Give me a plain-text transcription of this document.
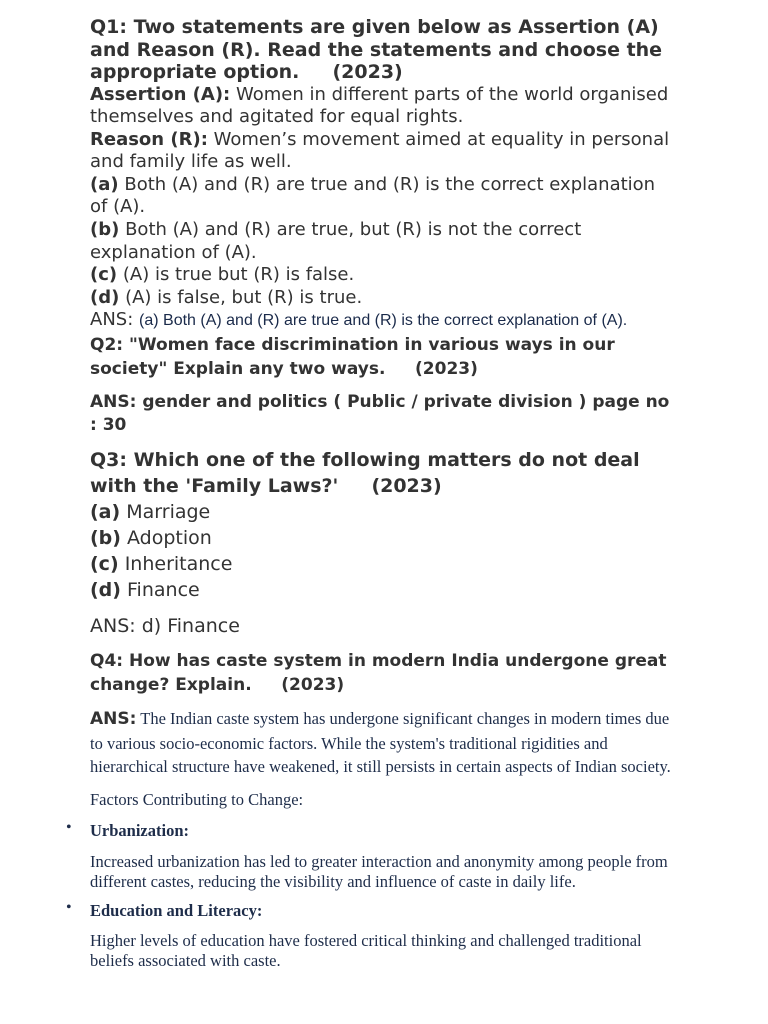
Q1: Two statements are given below as Assertion (A) and Reason (R). Read the statements and choose the appropriate option. (2023)
Assertion (A): Women in different parts of the world organised themselves and agitated for equal rights.
Reason (R): Women’s movement aimed at equality in personal and family life as well.
(a) Both (A) and (R) are true and (R) is the correct explanation of (A).
(b) Both (A) and (R) are true, but (R) is not the correct explanation of (A).
(c) (A) is true but (R) is false.
(d) (A) is false, but (R) is true.
ANS: (a) Both (A) and (R) are true and (R) is the correct explanation of (A).
Q2: "Women face discrimination in various ways in our society" Explain any two ways. (2023)
ANS: gender and politics ( Public / private division ) page no : 30
Q3: Which one of the following matters do not deal with the 'Family Laws?' (2023)
(a) Marriage
(b) Adoption
(c) Inheritance
(d) Finance
ANS: d) Finance
Q4: How has caste system in modern India undergone great change? Explain. (2023)
ANS: The Indian caste system has undergone significant changes in modern times due to various socio-economic factors. While the system's traditional rigidities and hierarchical structure have weakened, it still persists in certain aspects of Indian society.
Factors Contributing to Change:
• Urbanization:
Increased urbanization has led to greater interaction and anonymity among people from different castes, reducing the visibility and influence of caste in daily life.
• Education and Literacy:
Higher levels of education have fostered critical thinking and challenged traditional beliefs associated with caste.
